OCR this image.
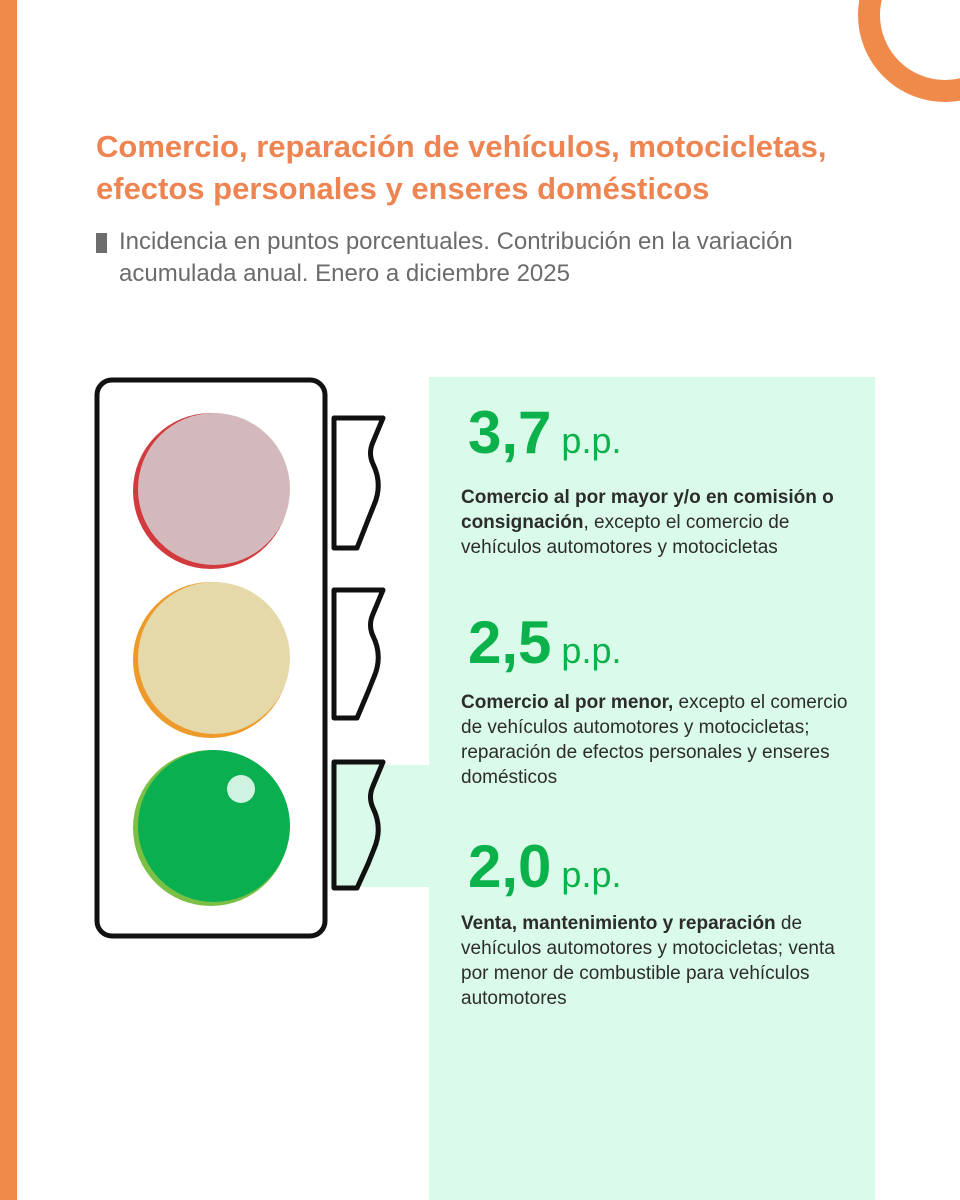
Comercio, reparación de vehículos, motocicletas, efectos personales y enseres domésticos

Incidencia en puntos porcentuales. Contribución en la variación acumulada anual. Enero a diciembre 2025

3,7 p.p.

Comercio al por mayor y/o en comisión o consignación, excepto el comercio de vehículos automotores y motocicletas

2,5 p.p.

Comercio al por menor, excepto el comercio de vehículos automotores y motocicletas; reparación de efectos personales y enseres domésticos

2,0 p.p.

Venta, mantenimiento y reparación de vehículos automotores y motocicletas; venta por menor de combustible para vehículos automotores
